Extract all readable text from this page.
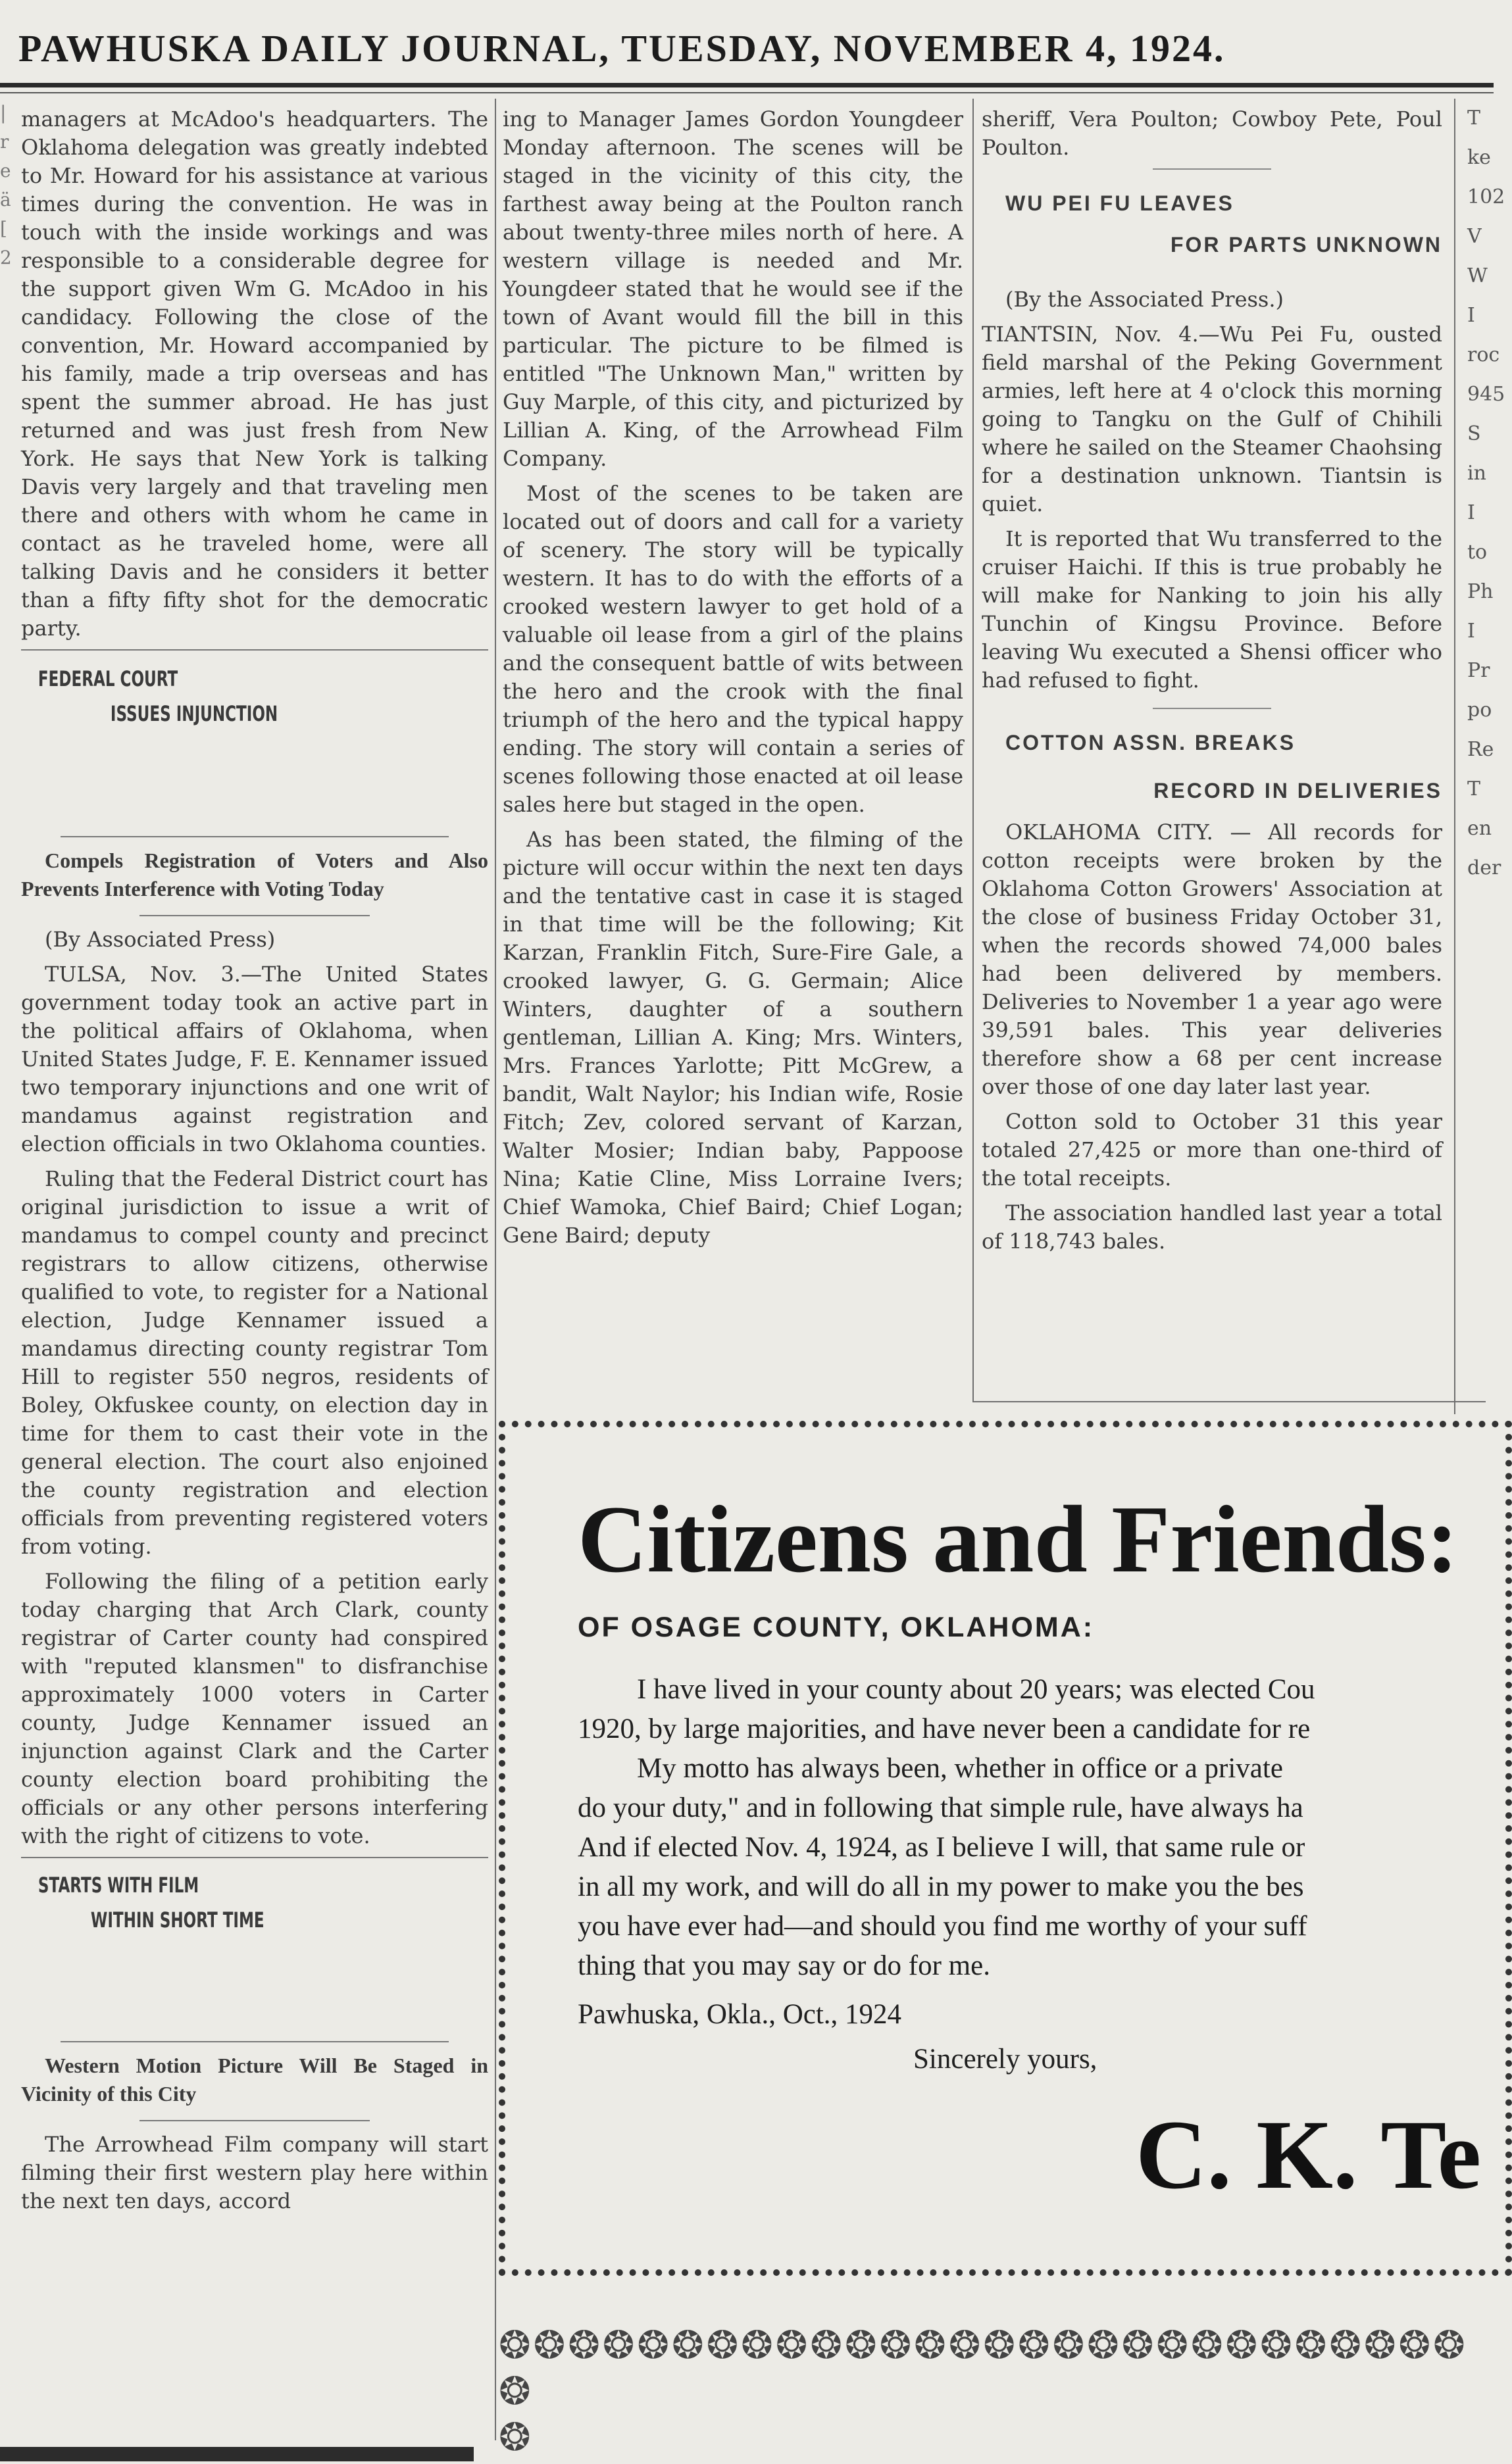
PAWHUSKA DAILY JOURNAL, TUESDAY, NOVEMBER 4, 1924.
|
r
e
ä
[
2

managers at McAdoo's headquarters. The Oklahoma delegation was greatly indebted to Mr. Howard for his assistance at various times during the convention. He was in touch with the inside workings and was responsible to a considerable degree for the support given Wm G. McAdoo in his candidacy. Following the close of the convention, Mr. Howard accompanied by his family, made a trip overseas and has spent the summer abroad. He has just returned and was just fresh from New York. He says that New York is talking Davis very largely and that traveling men there and others with whom he came in contact as he traveled home, were all talking Davis and he considers it better than a fifty fifty shot for the democratic party.

FEDERAL COURT

ISSUES INJUNCTION

Compels Registration of Voters and Also Prevents Interference with Voting Today

(By Associated Press)

TULSA, Nov. 3.—The United States government today took an active part in the political affairs of Oklahoma, when United States Judge, F. E. Kennamer issued two temporary injunctions and one writ of mandamus against registration and election officials in two Oklahoma counties.

Ruling that the Federal District court has original jurisdiction to issue a writ of mandamus to compel county and precinct registrars to allow citizens, otherwise qualified to vote, to register for a National election, Judge Kennamer issued a mandamus directing county registrar Tom Hill to register 550 negros, residents of Boley, Okfuskee county, on election day in time for them to cast their vote in the general election. The court also enjoined the county registration and election officials from preventing registered voters from voting.

Following the filing of a petition early today charging that Arch Clark, county registrar of Carter county had conspired with "reputed klansmen" to disfranchise approximately 1000 voters in Carter county, Judge Kennamer issued an injunction against Clark and the Carter county election board prohibiting the officials or any other persons interfering with the right of citizens to vote.

STARTS WITH FILM

WITHIN SHORT TIME

Western Motion Picture Will Be Staged in Vicinity of this City

The Arrowhead Film company will start filming their first western play here within the next ten days, accord

ing to Manager James Gordon Youngdeer Monday afternoon. The scenes will be staged in the vicinity of this city, the farthest away being at the Poulton ranch about twenty-three miles north of here. A western village is needed and Mr. Youngdeer stated that he would see if the town of Avant would fill the bill in this particular. The picture to be filmed is entitled "The Unknown Man," written by Guy Marple, of this city, and picturized by Lillian A. King, of the Arrowhead Film Company.

Most of the scenes to be taken are located out of doors and call for a variety of scenery. The story will be typically western. It has to do with the efforts of a crooked western lawyer to get hold of a valuable oil lease from a girl of the plains and the consequent battle of wits between the hero and the crook with the final triumph of the hero and the typical happy ending. The story will contain a series of scenes following those enacted at oil lease sales here but staged in the open.

As has been stated, the filming of the picture will occur within the next ten days and the tentative cast in case it is staged in that time will be the following; Kit Karzan, Franklin Fitch, Sure-Fire Gale, a crooked lawyer, G. G. Germain; Alice Winters, daughter of a southern gentleman, Lillian A. King; Mrs. Winters, Mrs. Frances Yarlotte; Pitt McGrew, a bandit, Walt Naylor; his Indian wife, Rosie Fitch; Zev, colored servant of Karzan, Walter Mosier; Indian baby, Pappoose Nina; Katie Cline, Miss Lorraine Ivers; Chief Wamoka, Chief Baird; Chief Logan; Gene Baird; deputy

sheriff, Vera Poulton; Cowboy Pete, Poul Poulton.

WU PEI FU LEAVES

FOR PARTS UNKNOWN

(By the Associated Press.)

TIANTSIN, Nov. 4.—Wu Pei Fu, ousted field marshal of the Peking Government armies, left here at 4 o'clock this morning going to Tangku on the Gulf of Chihili where he sailed on the Steamer Chaohsing for a destination unknown. Tiantsin is quiet.

It is reported that Wu transferred to the cruiser Haichi. If this is true probably he will make for Nanking to join his ally Tunchin of Kingsu Province. Before leaving Wu executed a Shensi officer who had refused to fight.

COTTON ASSN. BREAKS

RECORD IN DELIVERIES

OKLAHOMA CITY. — All records for cotton receipts were broken by the Oklahoma Cotton Growers' Association at the close of business Friday October 31, when the records showed 74,000 bales had been delivered by members. Deliveries to November 1 a year ago were 39,591 bales. This year deliveries therefore show a 68 per cent increase over those of one day later last year.

Cotton sold to October 31 this year totaled 27,425 or more than one-third of the total receipts.

The association handled last year a total of 118,743 bales.

T
ke
102
V
W
I
roc
945
S
in
I
to
Ph
I
Pr
po
Re
T
en
der

Citizens and Friends:

OF OSAGE COUNTY, OKLAHOMA:

I have lived in your county about 20 years; was elected Cou

1920, by large majorities, and have never been a candidate for re

My motto has always been, whether in office or a private

do your duty," and in following that simple rule, have always ha

And if elected Nov. 4, 1924, as I believe I will, that same rule or

in all my work, and will do all in my power to make you the bes

you have ever had—and should you find me worthy of your suff

thing that you may say or do for me.

Pawhuska, Okla., Oct., 1924

Sincerely yours,

C. K. Te
❂❂❂❂❂❂❂❂❂❂❂❂❂❂❂❂❂❂❂❂❂❂❂❂❂❂❂❂
❂
❂
